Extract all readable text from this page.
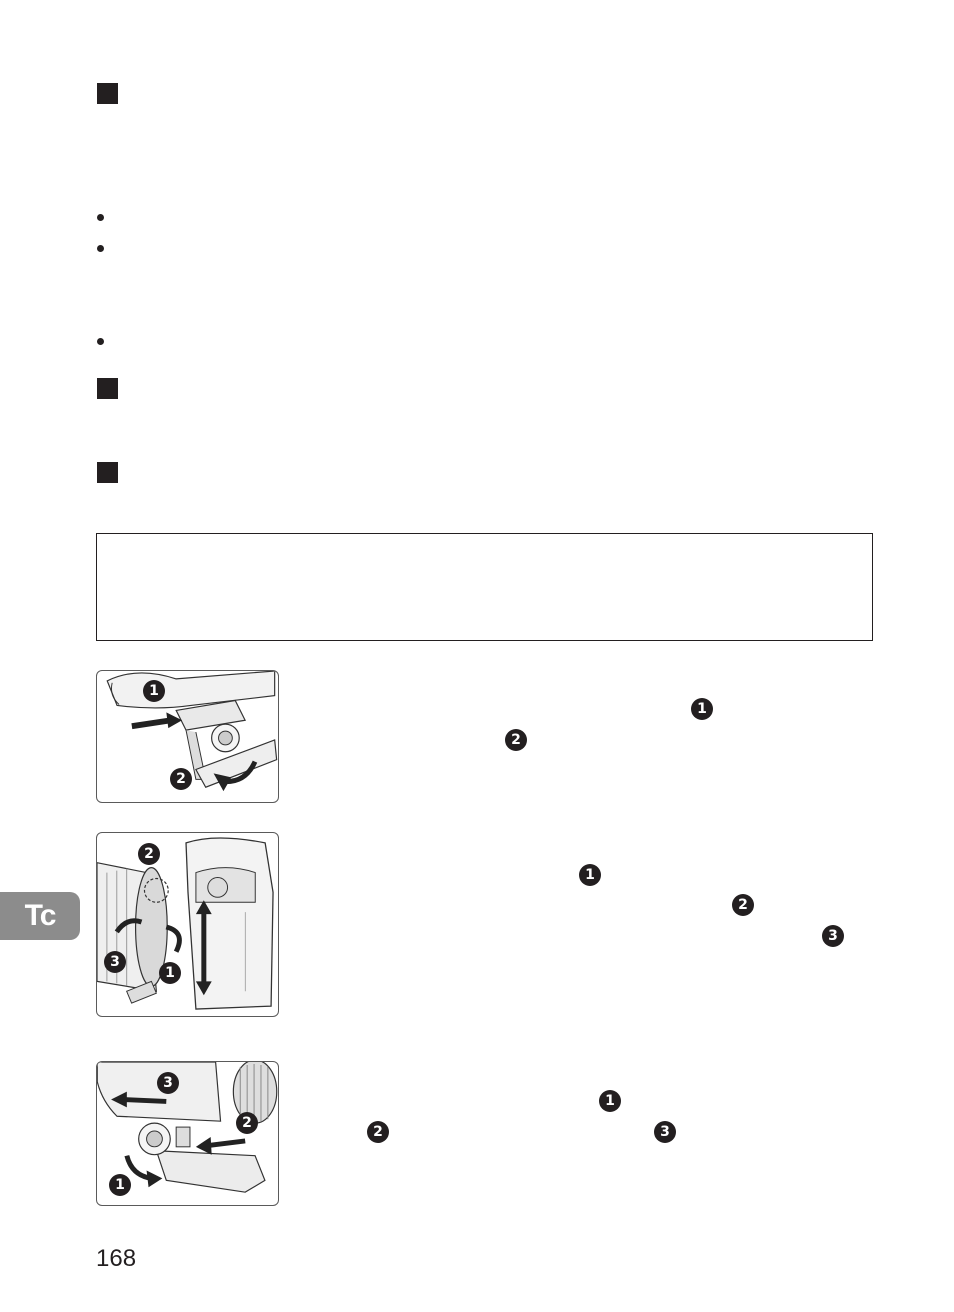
1
2
2
3
1
3
2
1
1
2
1
2
3
1
2	3
Tc
168
